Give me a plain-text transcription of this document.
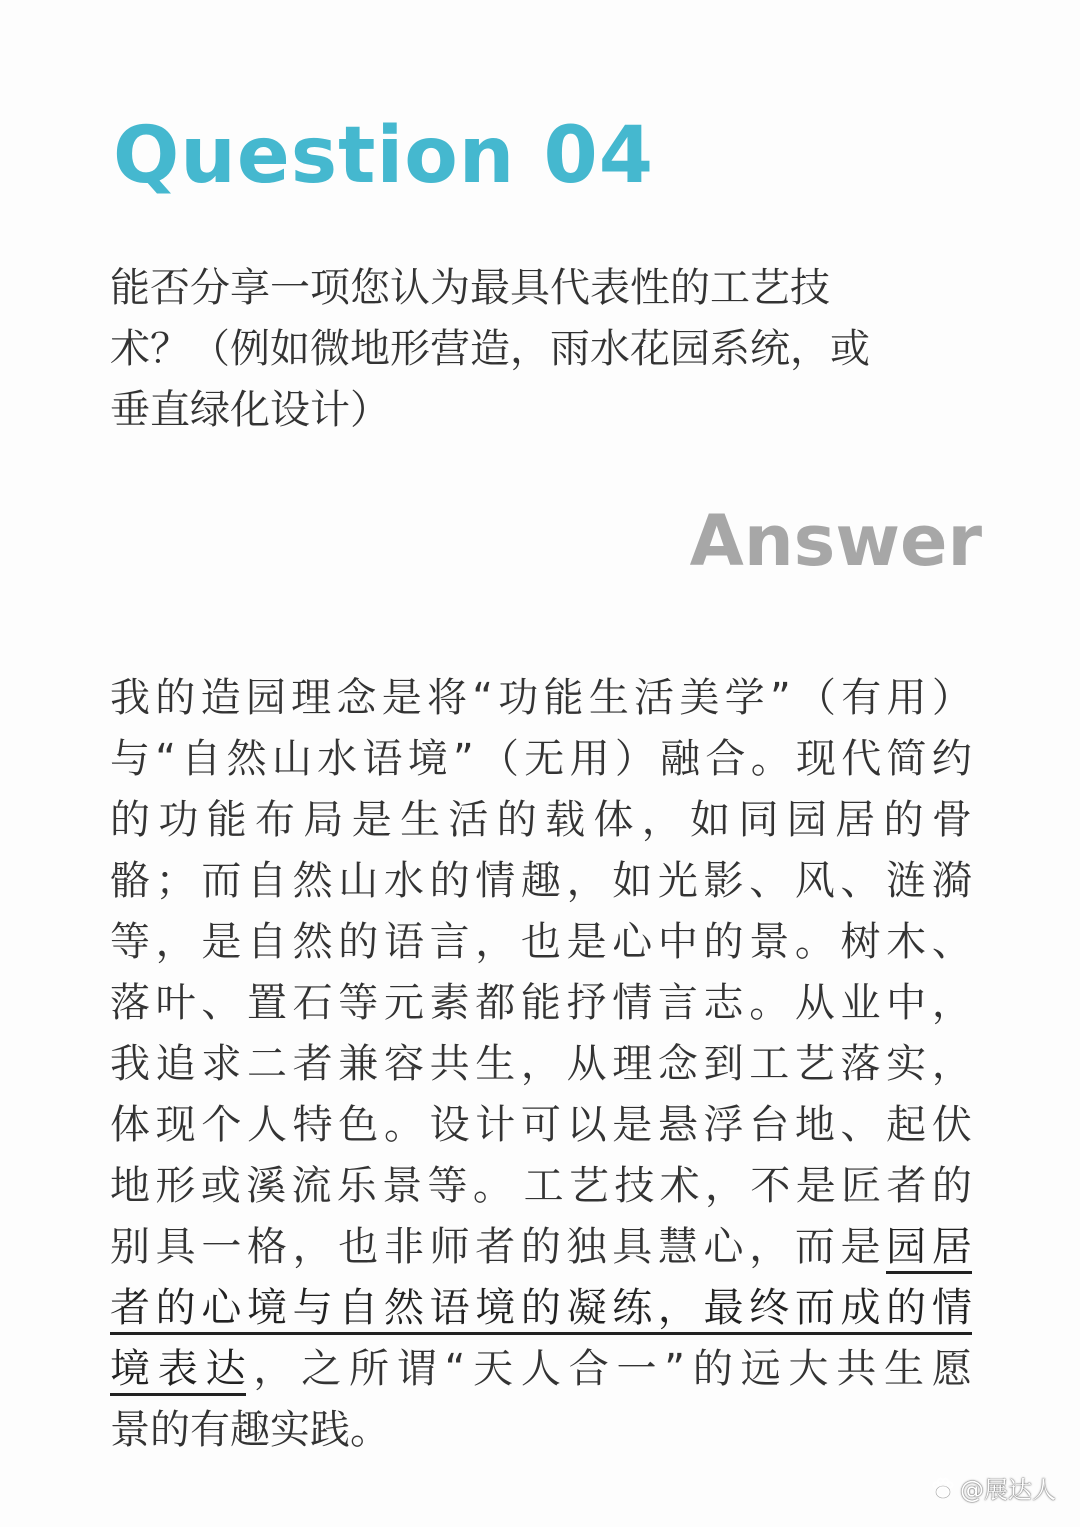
Question 04
能否分享一项您认为最具代表性的工艺技
术？（例如微地形营造，雨水花园系统，或
垂直绿化设计）
Answer
我 的 造 园 理 念 是 将 “ 功 能 生 活 美 学 ” （ 有 用 ）
与 “ 自 然 山 水 语 境 ” （ 无 用 ） 融 合 。 现 代 简 约
的 功 能 布 局 是 生 活 的 载 体 ， 如 同 园 居 的 骨
骼 ； 而 自 然 山 水 的 情 趣 ， 如 光 影 、 风 、 涟 漪
等 ， 是 自 然 的 语 言 ， 也 是 心 中 的 景 。 树 木 、
落 叶 、 置 石 等 元 素 都 能 抒 情 言 志 。 从 业 中 ，
我 追 求 二 者 兼 容 共 生 ， 从 理 念 到 工 艺 落 实 ，
体 现 个 人 特 色 。 设 计 可 以 是 悬 浮 台 地 、 起 伏
地 形 或 溪 流 乐 景 等 。 工 艺 技 术 ， 不 是 匠 者 的
别 具 一 格 ， 也 非 师 者 的 独 具 慧 心 ， 而 是 园 居
者 的 心 境 与 自 然 语 境 的 凝 练 ， 最 终 而 成 的 情
境 表 达 ， 之 所 谓 “ 天 人 合 一 ” 的 远 大 共 生 愿
景的有趣实践。
@展达人
